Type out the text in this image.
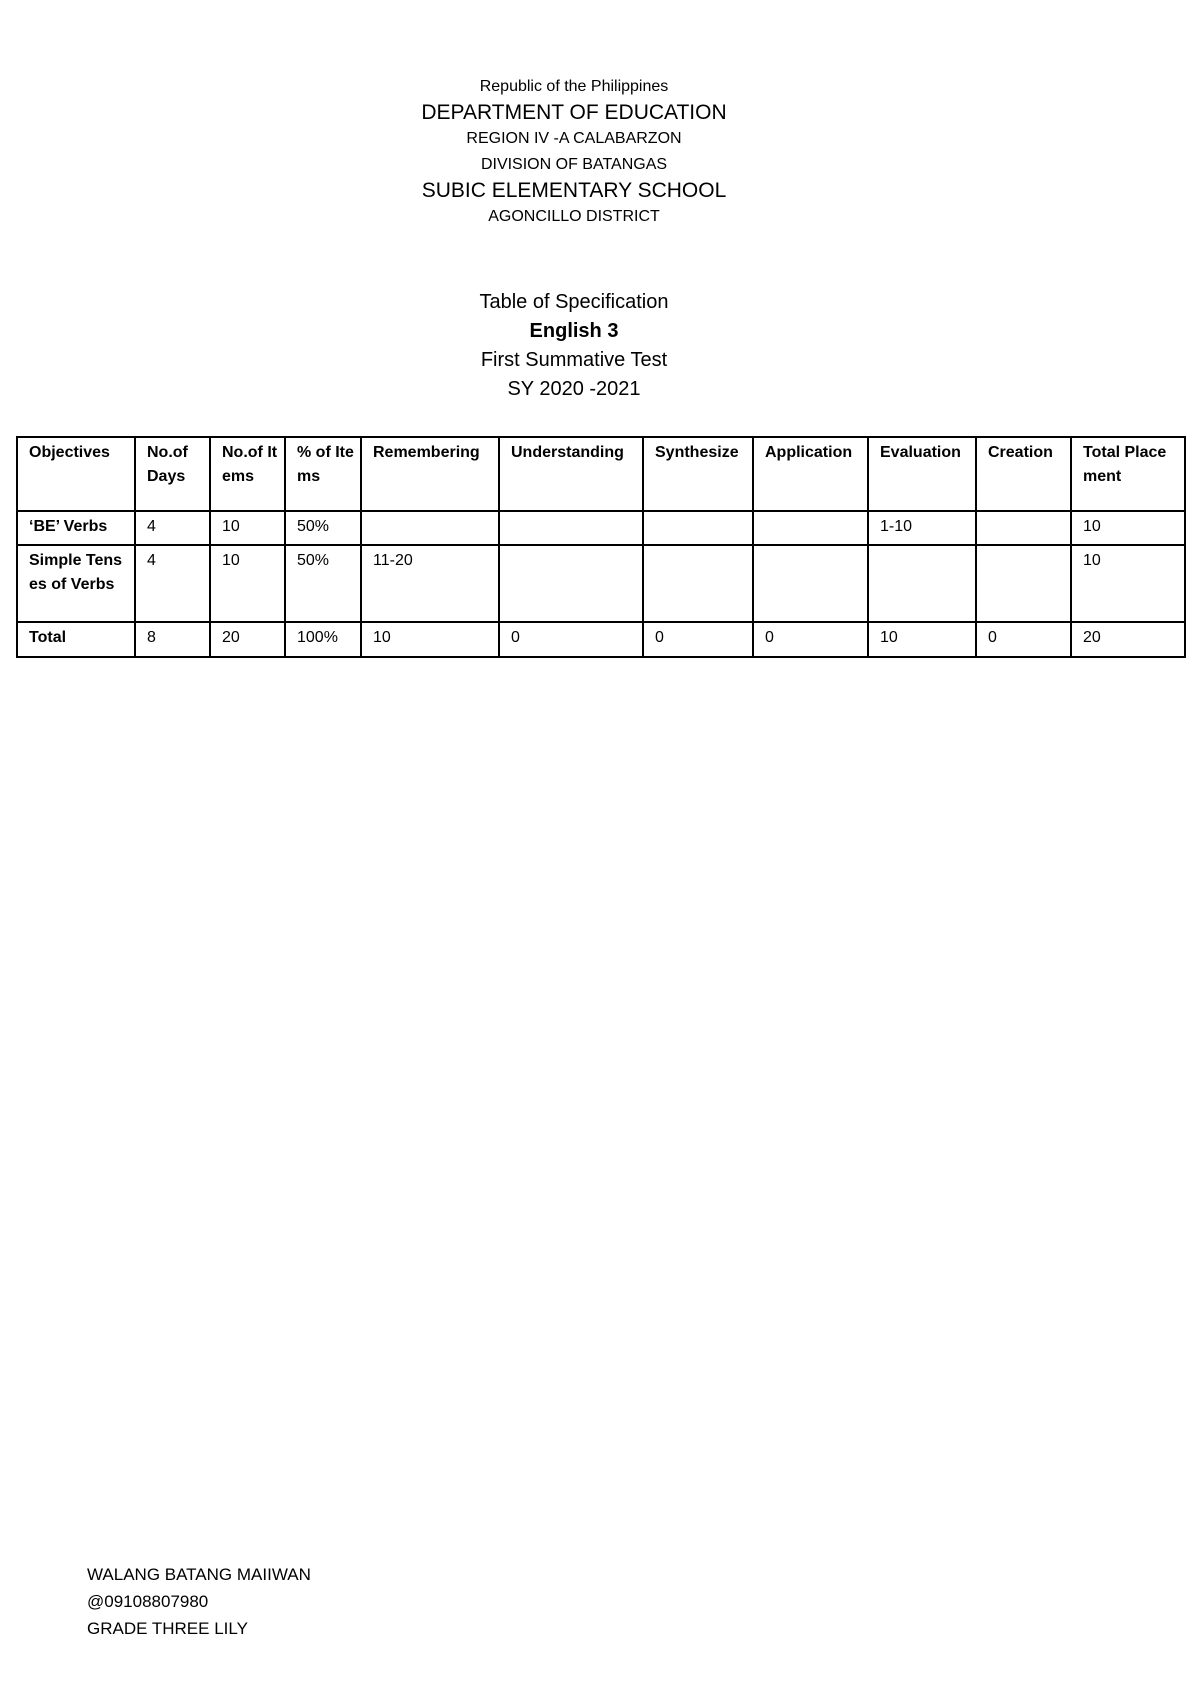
Republic of the Philippines
DEPARTMENT OF EDUCATION
REGION IV -A CALABARZON
DIVISION OF BATANGAS
SUBIC ELEMENTARY SCHOOL
AGONCILLO DISTRICT
Table of Specification
English 3
First Summative Test
SY 2020 -2021
Objectives	No.of Days	No.of Items	% of Items	Remembering	Understanding	Synthesize	Application	Evaluation	Creation	Total Placement
‘BE’ Verbs	4	10	50%					1-10		10
Simple Tenses of Verbs	4	10	50%	11-20						10
Total	8	20	100%	10	0	0	0	10	0	20
WALANG BATANG MAIIWAN
@09108807980
GRADE THREE LILY
